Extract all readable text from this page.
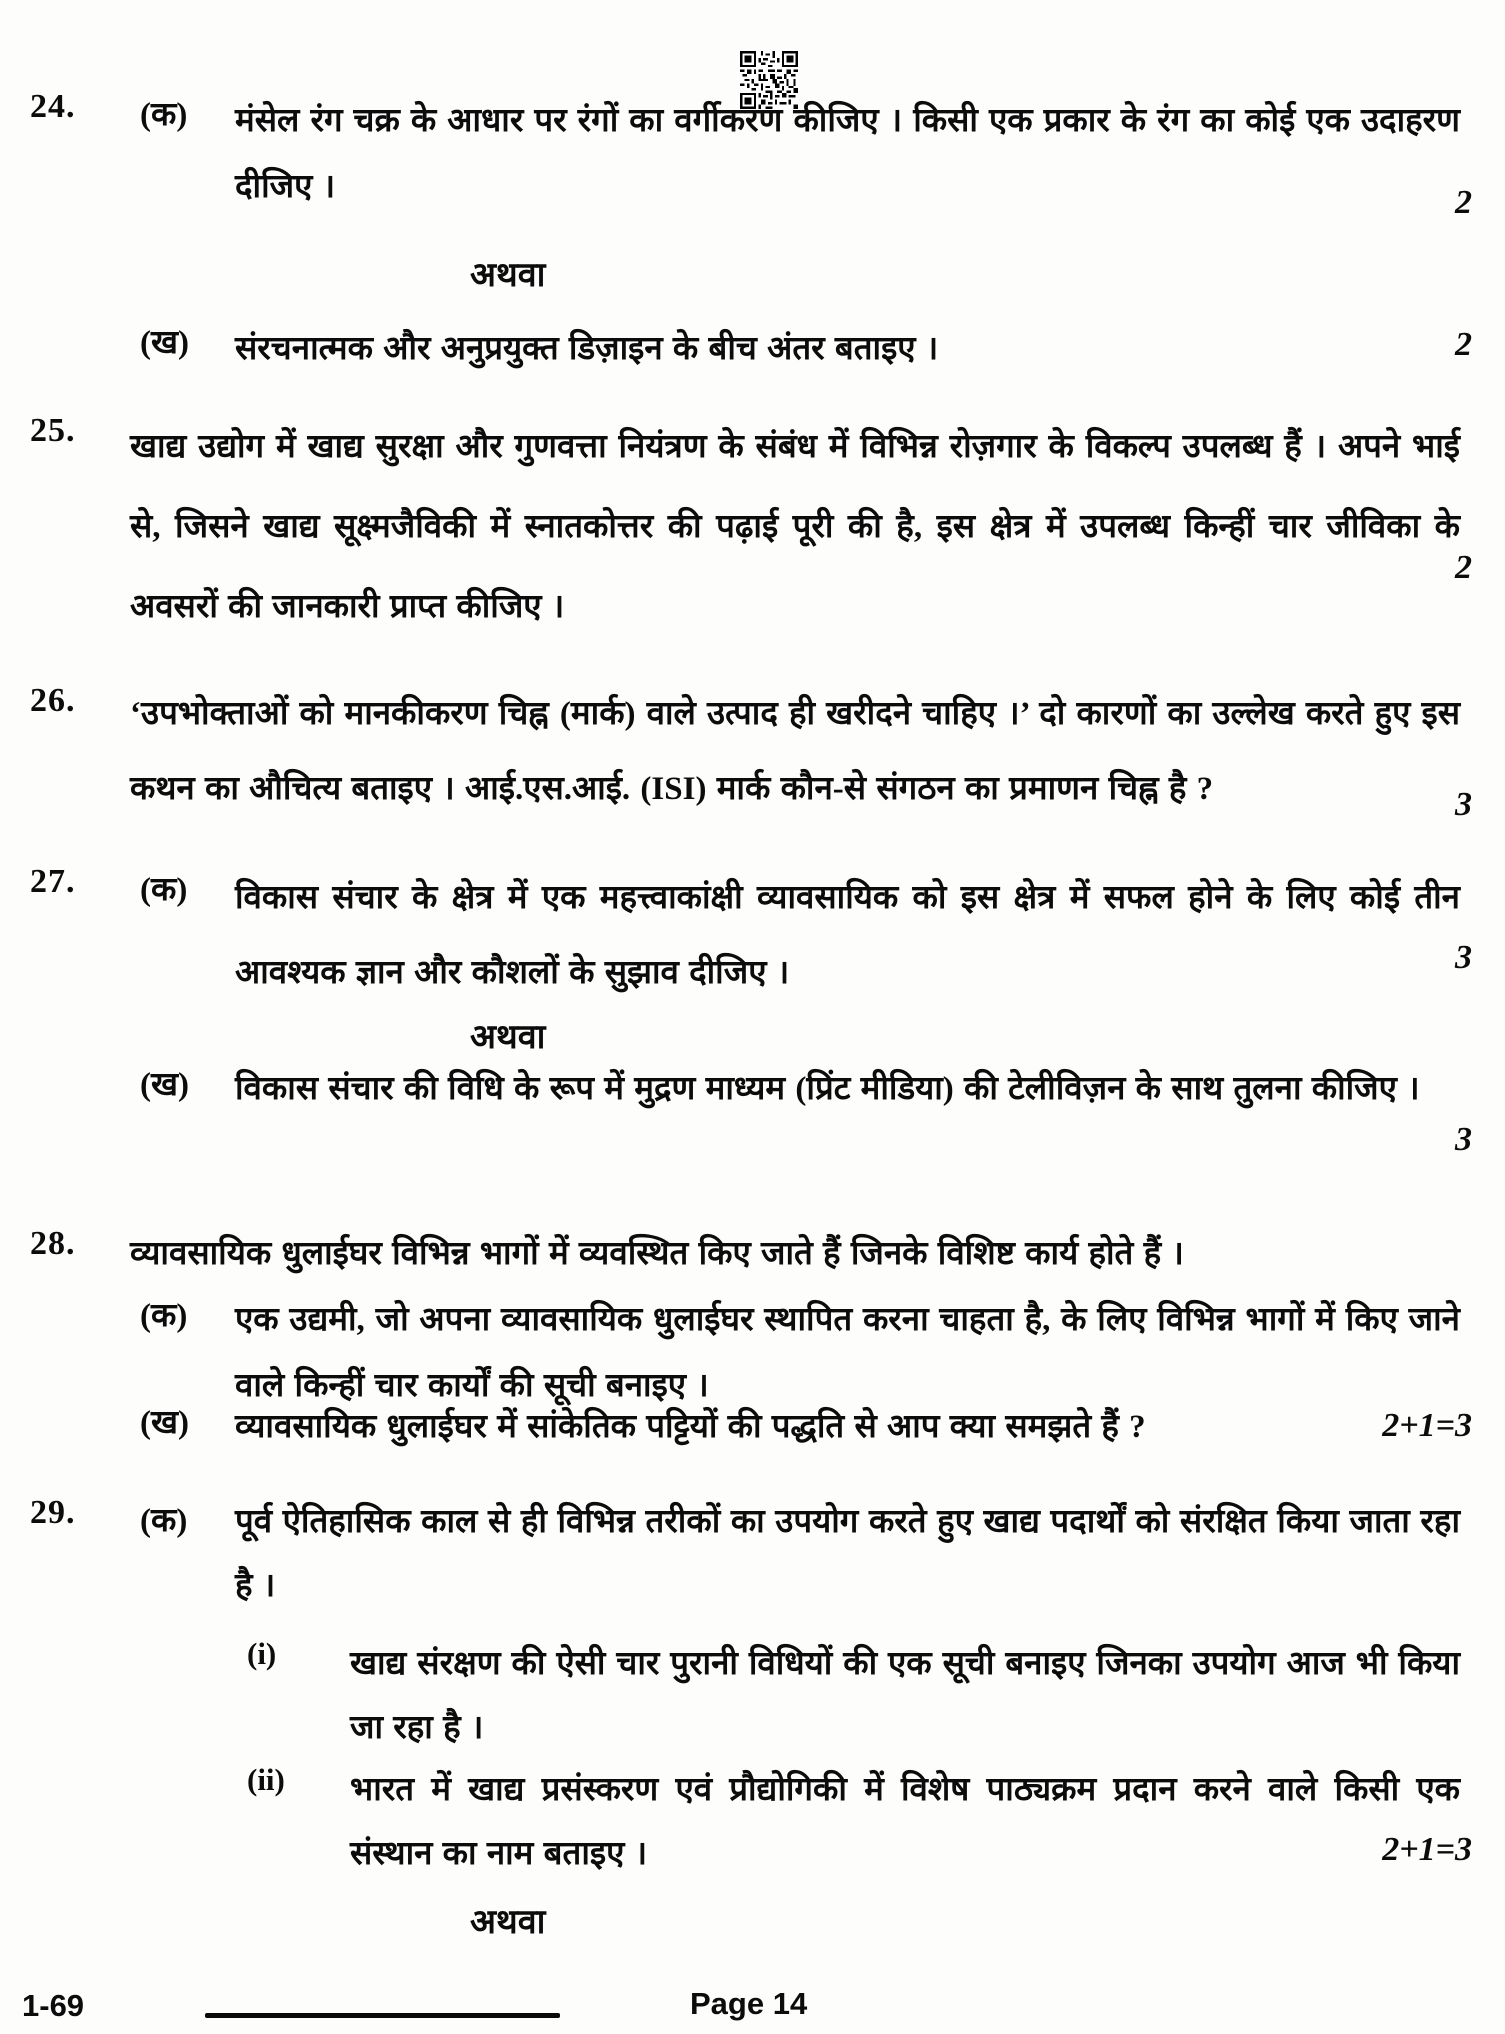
24. (क) मंसेल रंग चक्र के आधार पर रंगों का वर्गीकरण कीजिए । किसी एक प्रकार के रंग का कोई एक उदाहरण दीजिए ।	2
अथवा
(ख) संरचनात्मक और अनुप्रयुक्त डिज़ाइन के बीच अंतर बताइए ।	2
25. खाद्य उद्योग में खाद्य सुरक्षा और गुणवत्ता नियंत्रण के संबंध में विभिन्न रोज़गार के विकल्प उपलब्ध हैं । अपने भाई से, जिसने खाद्य सूक्ष्मजैविकी में स्नातकोत्तर की पढ़ाई पूरी की है, इस क्षेत्र में उपलब्ध किन्हीं चार जीविका के अवसरों की जानकारी प्राप्त कीजिए ।
2
26. ‘उपभोक्ताओं को मानकीकरण चिह्न (मार्क) वाले उत्पाद ही खरीदने चाहिए ।’ दो कारणों का उल्लेख करते हुए इस कथन का औचित्य बताइए । आई.एस.आई. (ISI) मार्क कौन-से संगठन का प्रमाणन चिह्न है ?	3
27. (क) विकास संचार के क्षेत्र में एक महत्त्वाकांक्षी व्यावसायिक को इस क्षेत्र में सफल होने के लिए कोई तीन आवश्यक ज्ञान और कौशलों के सुझाव दीजिए ।	3
अथवा
(ख) विकास संचार की विधि के रूप में मुद्रण माध्यम (प्रिंट मीडिया) की टेलीविज़न के साथ तुलना कीजिए ।
3
28. व्यावसायिक धुलाईघर विभिन्न भागों में व्यवस्थित किए जाते हैं जिनके विशिष्ट कार्य होते हैं ।
(क) एक उद्यमी, जो अपना व्यावसायिक धुलाईघर स्थापित करना चाहता है, के लिए विभिन्न भागों में किए जाने वाले किन्हीं चार कार्यों की सूची बनाइए ।
(ख) व्यावसायिक धुलाईघर में सांकेतिक पट्टियों की पद्धति से आप क्या समझते हैं ?	2+1=3
29. (क) पूर्व ऐतिहासिक काल से ही विभिन्न तरीकों का उपयोग करते हुए खाद्य पदार्थों को संरक्षित किया जाता रहा है ।
(i) खाद्य संरक्षण की ऐसी चार पुरानी विधियों की एक सूची बनाइए जिनका उपयोग आज भी किया जा रहा है ।
(ii) भारत में खाद्य प्रसंस्करण एवं प्रौद्योगिकी में विशेष पाठ्यक्रम प्रदान करने वाले किसी एक संस्थान का नाम बताइए ।	2+1=3
अथवा
1-69	Page 14
